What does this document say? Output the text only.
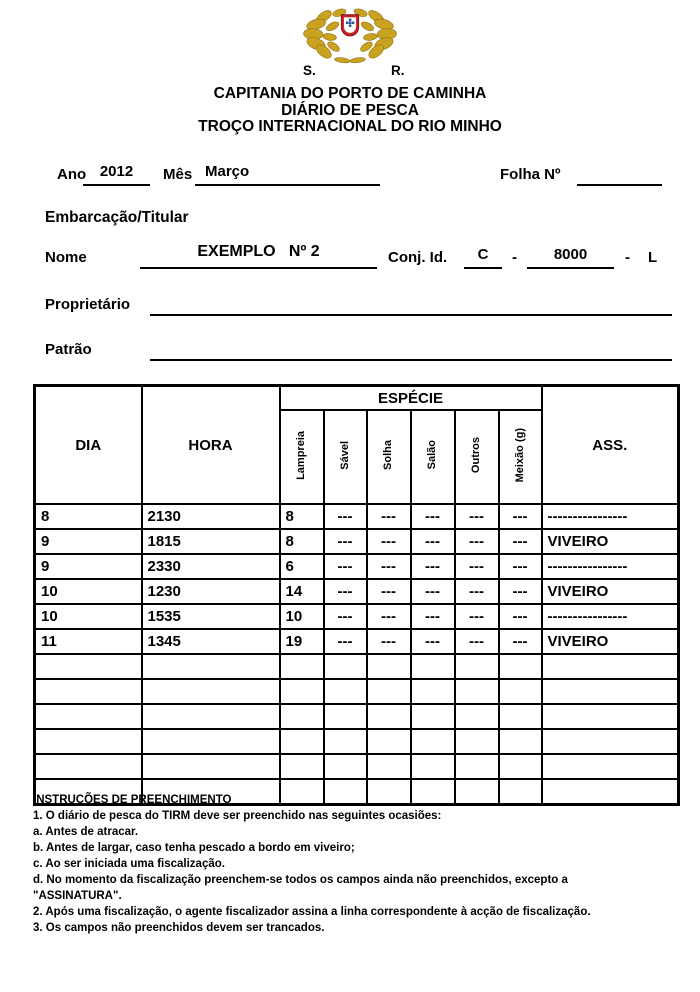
S.	R.
CAPITANIA DO PORTO DE CAMINHA
DIÁRIO DE PESCA
TROÇO INTERNACIONAL DO RIO MINHO
Ano 2012	Mês Março	Folha Nº
Embarcação/Titular
Nome	EXEMPLO   Nº 2	Conj. Id.	C	-	8000	- L
Proprietário
Patrão
DIA	HORA	ESPÉCIE						ASS.
		Lampreia	Sável	Solha	Salão	Outros	Meixão (g)	
8	2130	8	---	---	---	---	---	----------------
9	1815	8	---	---	---	---	---	VIVEIRO
9	2330	6	---	---	---	---	---	----------------
10	1230	14	---	---	---	---	---	VIVEIRO
10	1535	10	---	---	---	---	---	----------------
11	1345	19	---	---	---	---	---	VIVEIRO

INSTRUÇÕES DE PREENCHIMENTO
1. O diário de pesca do TIRM deve ser preenchido nas seguintes ocasiões:
a. Antes de atracar.
b. Antes de largar, caso tenha pescado a bordo em viveiro;
c. Ao ser iniciada uma fiscalização.
d. No momento da fiscalização preenchem-se todos os campos ainda não preenchidos, excepto a
"ASSINATURA".
2. Após uma fiscalização, o agente fiscalizador assina a linha correspondente à acção de fiscalização.
3. Os campos não preenchidos devem ser trancados.
